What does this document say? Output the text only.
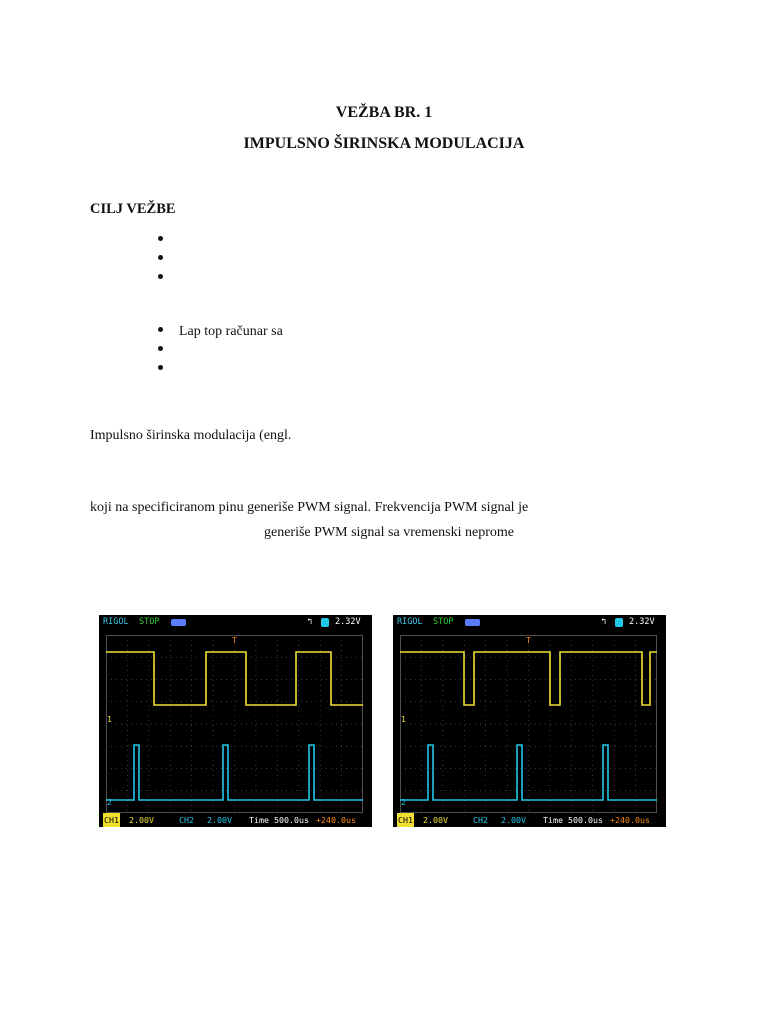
VEŽBA BR. 1
IMPULSNO ŠIRINSKA MODULACIJA
CILJ VEŽBE
Lap top računar sa
Impulsno širinska modulacija (engl.
koji na specificiranom pinu generiše PWM signal. Frekvencija PWM signal je
generiše PWM signal sa vremenski neprome
RIGOL STOP	↰	2.32V
1
2
T
CH1 2.00V	CH2 2.00V Time 500.0us +240.0us
RIGOL STOP	↰	2.32V
1
2
T
CH1 2.00V	CH2 2.00V Time 500.0us +240.0us
